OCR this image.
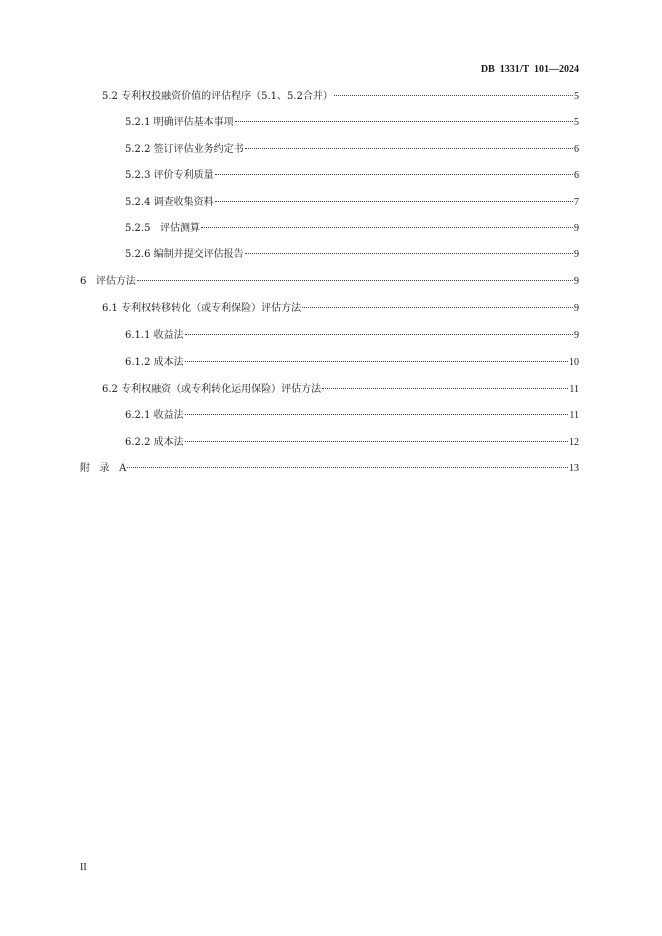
DB  1331/T  101—2024
5.2 专利权投融资价值的评估程序（5.1、5.2合并）	5
5.2.1 明确评估基本事项	5
5.2.2 签订评估业务约定书	6
5.2.3 评价专利质量	6
5.2.4 调查收集资料	7
5.2.5   评估测算	9
5.2.6 编制并提交评估报告	9
6   评估方法	9
6.1 专利权转移转化（或专利保险）评估方法	9
6.1.1 收益法	9
6.1.2 成本法	10
6.2 专利权融资（或专利转化运用保险）评估方法	11
6.2.1 收益法	11
6.2.2 成本法	12
附   录   A	13
II
